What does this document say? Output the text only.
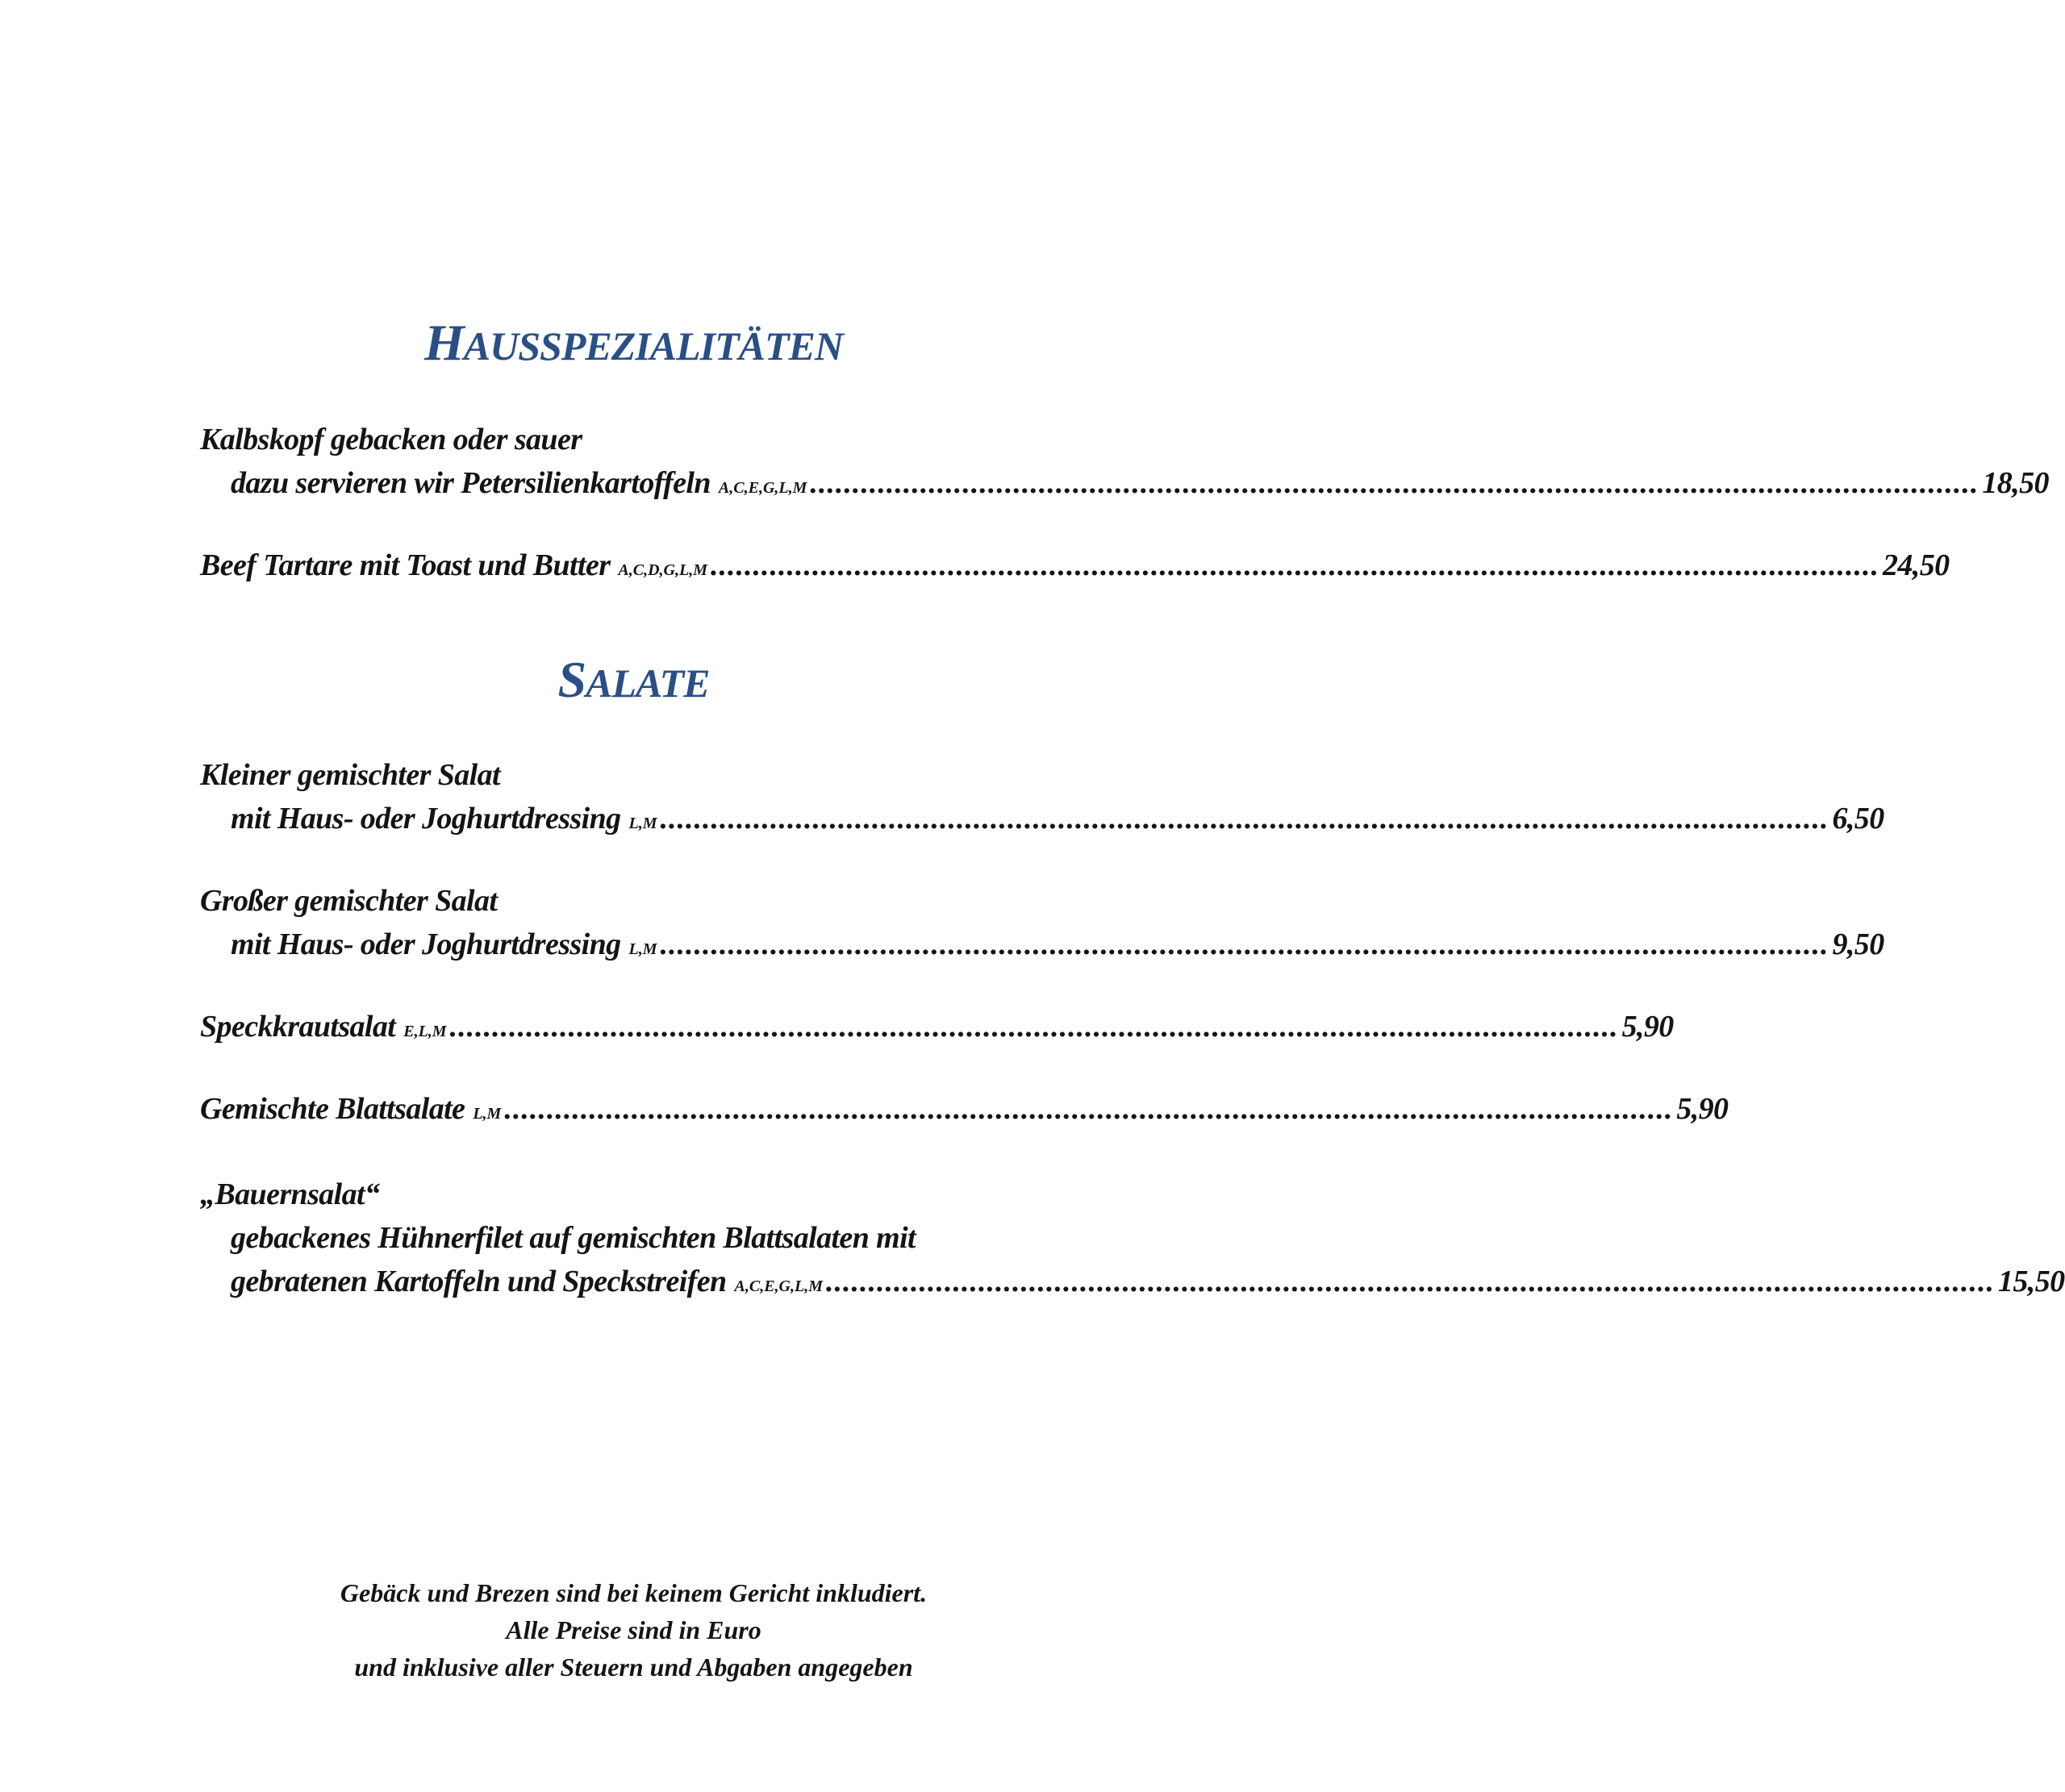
HAUSSPEZIALITÄTEN
Kalbskopf gebacken oder sauer
dazu servieren wir Petersilienkartoffeln A,C,E,G,L,M .......................................................................................................................................... 18,50
Beef Tartare mit Toast und Butter A,C,D,G,L,M .......................................................................................................................................... 24,50
SALATE
Kleiner gemischter Salat
mit Haus- oder Joghurtdressing L,M .......................................................................................................................................... 6,50
Großer gemischter Salat
mit Haus- oder Joghurtdressing L,M .......................................................................................................................................... 9,50
Speckkrautsalat E,L,M .......................................................................................................................................... 5,90
Gemischte Blattsalate L,M .......................................................................................................................................... 5,90
„Bauernsalat“
gebackenes Hühnerfilet auf gemischten Blattsalaten mit
gebratenen Kartoffeln und Speckstreifen A,C,E,G,L,M .......................................................................................................................................... 15,50
Gebäck und Brezen sind bei keinem Gericht inkludiert.
Alle Preise sind in Euro
und inklusive aller Steuern und Abgaben angegeben
